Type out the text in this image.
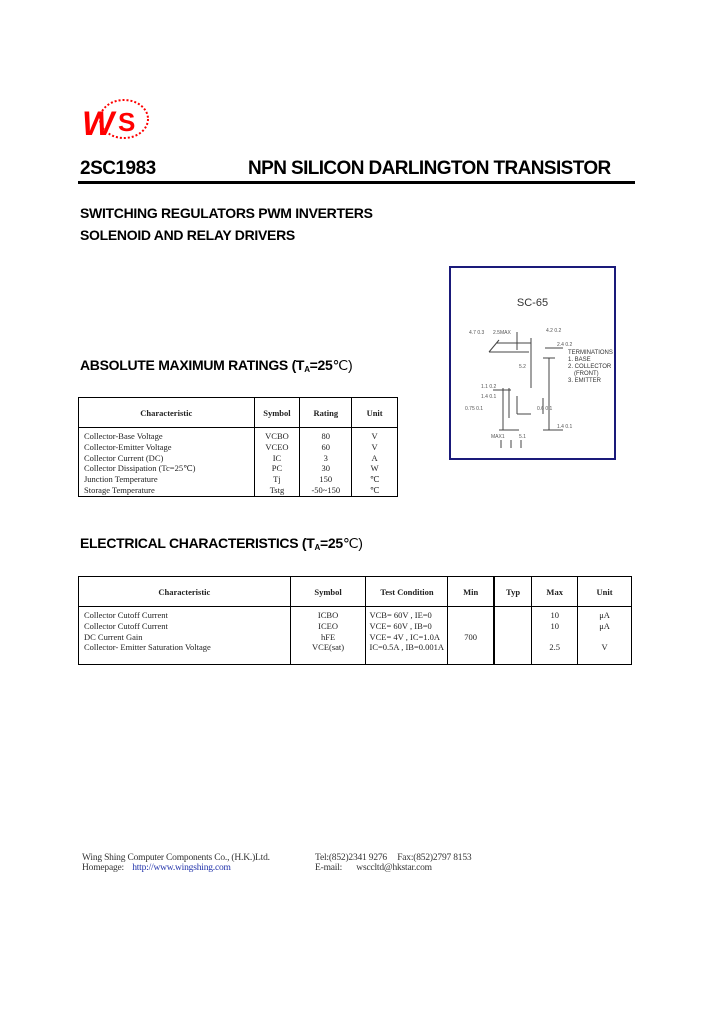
W S
2SC1983	NPN SILICON DARLINGTON TRANSISTOR
SWITCHING REGULATORS PWM INVERTERS
SOLENOID AND RELAY DRIVERS
SC-65
4.7 0.3 2.5MAX	4.2 0.2
2.4 0.2
1.1 0.2
1.4 0.1
0.75 0.1	0.6 0.1
1.4 0.1
MAX1	5.1
5.2
TERMINATIONS
1. BASE
2. COLLECTOR
(FRONT)
3. EMITTER
ABSOLUTE MAXIMUM RATINGS $(T_A=25℃)$
Characteristic	Symbol	Rating	Unit
Collector-Base Voltage	VCBO	80	V
Collector-Emitter Voltage	VCEO	60	V
Collector Current (DC)	IC	3	A
Collector Dissipation (Tc=25℃)	PC	30	W
Junction Temperature	Tj	150	℃
Storage Temperature	Tstg	-50~150	℃
ELECTRICAL CHARACTERISTICS $(T_A=25℃)$
Characteristic	Symbol	Test Condition	Min	Typ	Max	Unit
Collector Cutoff Current	ICBO	VCB= 60V , IE=0			10	μA
Collector Cutoff Current	ICEO	VCE= 60V , IB=0			10	μA
DC Current Gain	hFE	VCE= 4V , IC=1.0A	700			
Collector- Emitter Saturation Voltage	VCE(sat)	IC=0.5A , IB=0.001A			2.5	V

Wing Shing Computer Components Co., (H.K.)Ltd.
Homepage: http://www.wingshing.com
Tel:(852)2341 9276 Fax:(852)2797 8153
E-mail: wsccltd@hkstar.com
